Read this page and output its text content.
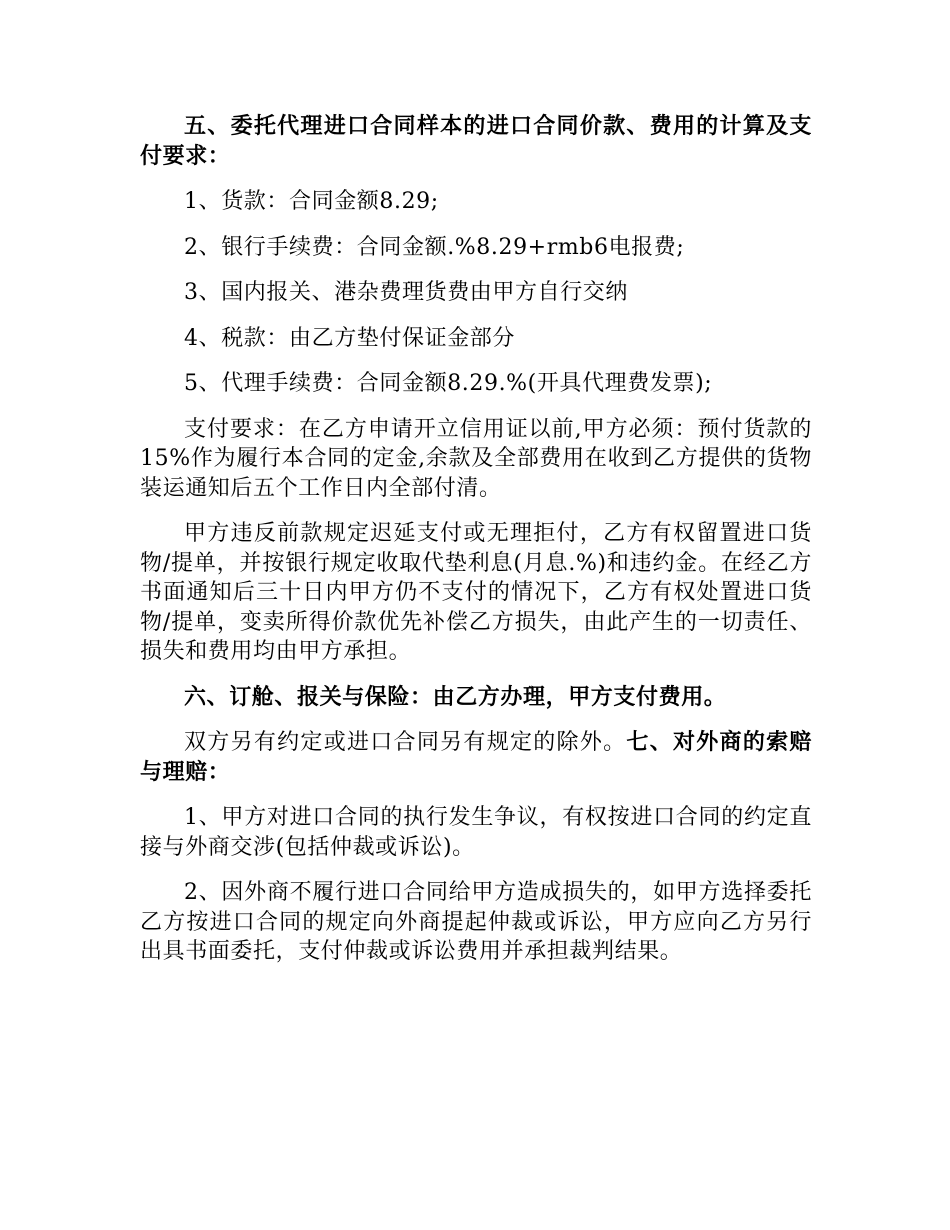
五、委托代理进口合同样本的进口合同价款、费用的计算及支付要求：

1、货款：合同金额8.29;

2、银行手续费：合同金额.%8.29+rmb6电报费;

3、国内报关、港杂费理货费由甲方自行交纳

4、税款：由乙方垫付保证金部分

5、代理手续费：合同金额8.29.%(开具代理费发票);

支付要求：在乙方申请开立信用证以前,甲方必须：预付货款的15%作为履行本合同的定金,余款及全部费用在收到乙方提供的货物装运通知后五个工作日内全部付清。

甲方违反前款规定迟延支付或无理拒付，乙方有权留置进口货物/提单，并按银行规定收取代垫利息(月息.%)和违约金。在经乙方书面通知后三十日内甲方仍不支付的情况下，乙方有权处置进口货物/提单，变卖所得价款优先补偿乙方损失，由此产生的一切责任、损失和费用均由甲方承担。

六、订舱、报关与保险：由乙方办理，甲方支付费用。

双方另有约定或进口合同另有规定的除外。七、对外商的索赔与理赔：

1、甲方对进口合同的执行发生争议，有权按进口合同的约定直接与外商交涉(包括仲裁或诉讼)。

2、因外商不履行进口合同给甲方造成损失的，如甲方选择委托乙方按进口合同的规定向外商提起仲裁或诉讼，甲方应向乙方另行出具书面委托，支付仲裁或诉讼费用并承担裁判结果。
